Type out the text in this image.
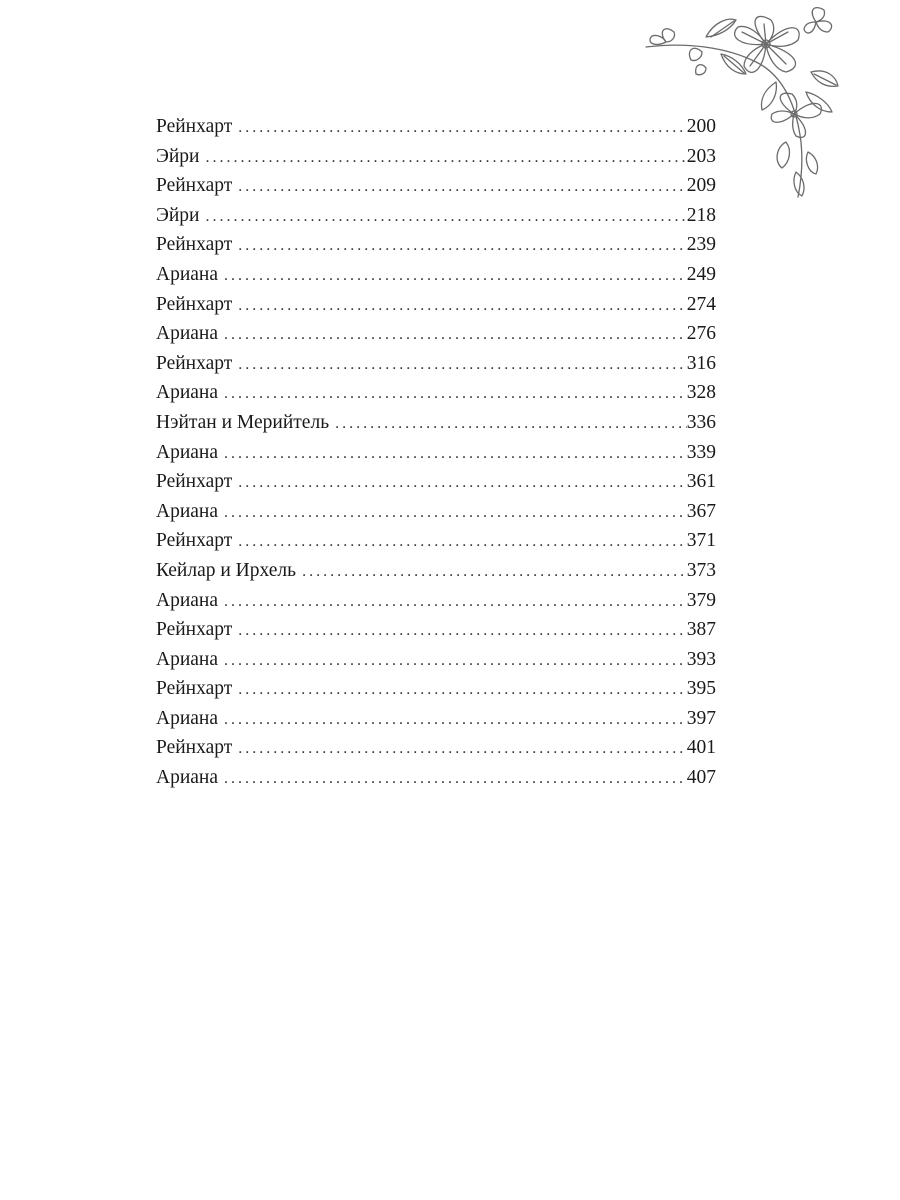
Рейнхарт . . .	200
Эйри . . .	203
Рейнхарт . . .	209
Эйри . . .	218
Рейнхарт . . .	239
Ариана . . .	249
Рейнхарт . . .	274
Ариана . . .	276
Рейнхарт . . .	316
Ариана . . .	328
Нэйтан и Мерийтель . . .	336
Ариана . . .	339
Рейнхарт . . .	361
Ариана . . .	367
Рейнхарт . . .	371
Кейлар и Ирхель . . .	373
Ариана . . .	379
Рейнхарт . . .	387
Ариана . . .	393
Рейнхарт . . .	395
Ариана . . .	397
Рейнхарт . . .	401
Ариана . . .	407
